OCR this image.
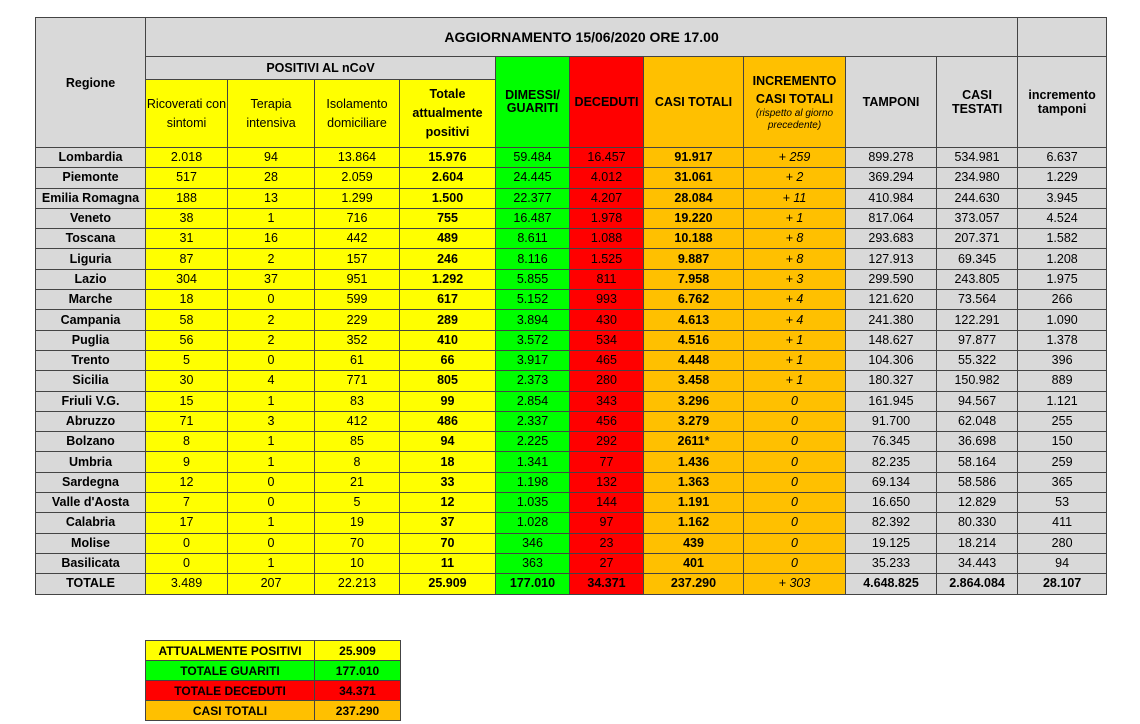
Regione	AGGIORNAMENTO 15/06/2020 ORE 17.00										
	POSITIVI AL nCoV				DIMESSI/ GUARITI	DECEDUTI	CASI TOTALI	INCREMENTO CASI TOTALI
(rispetto al giorno precedente)	TAMPONI	CASI TESTATI	incremento tamponi
	Ricoverati con sintomi	Terapia intensiva	Isolamento domiciliare	Totale attualmente positivi							
Lombardia	2.018	94	13.864	15.976	59.484	16.457	91.917	+ 259	899.278	534.981	6.637
Piemonte	517	28	2.059	2.604	24.445	4.012	31.061	+ 2	369.294	234.980	1.229
Emilia Romagna	188	13	1.299	1.500	22.377	4.207	28.084	+ 11	410.984	244.630	3.945
Veneto	38	1	716	755	16.487	1.978	19.220	+ 1	817.064	373.057	4.524
Toscana	31	16	442	489	8.611	1.088	10.188	+ 8	293.683	207.371	1.582
Liguria	87	2	157	246	8.116	1.525	9.887	+ 8	127.913	69.345	1.208
Lazio	304	37	951	1.292	5.855	811	7.958	+ 3	299.590	243.805	1.975
Marche	18	0	599	617	5.152	993	6.762	+ 4	121.620	73.564	266
Campania	58	2	229	289	3.894	430	4.613	+ 4	241.380	122.291	1.090
Puglia	56	2	352	410	3.572	534	4.516	+ 1	148.627	97.877	1.378
Trento	5	0	61	66	3.917	465	4.448	+ 1	104.306	55.322	396
Sicilia	30	4	771	805	2.373	280	3.458	+ 1	180.327	150.982	889
Friuli V.G.	15	1	83	99	2.854	343	3.296	0	161.945	94.567	1.121
Abruzzo	71	3	412	486	2.337	456	3.279	0	91.700	62.048	255
Bolzano	8	1	85	94	2.225	292	2611*	0	76.345	36.698	150
Umbria	9	1	8	18	1.341	77	1.436	0	82.235	58.164	259
Sardegna	12	0	21	33	1.198	132	1.363	0	69.134	58.586	365
Valle d'Aosta	7	0	5	12	1.035	144	1.191	0	16.650	12.829	53
Calabria	17	1	19	37	1.028	97	1.162	0	82.392	80.330	411
Molise	0	0	70	70	346	23	439	0	19.125	18.214	280
Basilicata	0	1	10	11	363	27	401	0	35.233	34.443	94
TOTALE	3.489	207	22.213	25.909	177.010	34.371	237.290	+ 303	4.648.825	2.864.084	28.107
ATTUALMENTE POSITIVI	25.909
TOTALE GUARITI	177.010
TOTALE DECEDUTI	34.371
CASI TOTALI	237.290
